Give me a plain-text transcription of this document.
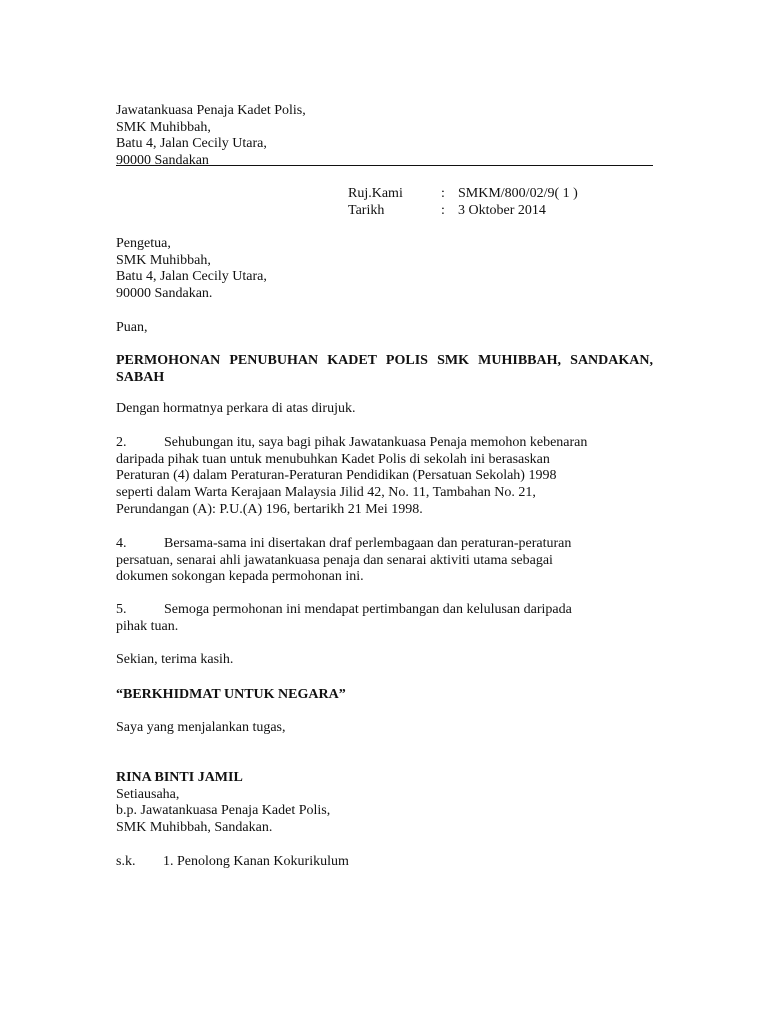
Jawatankuasa Penaja Kadet Polis,
SMK Muhibbah,
Batu 4, Jalan Cecily Utara,
90000 Sandakan
Ruj.Kami	: SMKM/800/02/9( 1 )
Tarikh	: 3 Oktober 2014
Pengetua,
SMK Muhibbah,
Batu 4, Jalan Cecily Utara,
90000 Sandakan.
Puan,
PERMOHONAN PENUBUHAN KADET POLIS SMK MUHIBBAH, SANDAKAN,
SABAH
Dengan hormatnya perkara di atas dirujuk.
2.	Sehubungan itu, saya bagi pihak Jawatankuasa Penaja memohon kebenaran
daripada pihak tuan untuk menubuhkan Kadet Polis di sekolah ini berasaskan
Peraturan (4) dalam Peraturan-Peraturan Pendidikan (Persatuan Sekolah) 1998
seperti dalam Warta Kerajaan Malaysia Jilid 42, No. 11, Tambahan No. 21,
Perundangan (A): P.U.(A) 196, bertarikh 21 Mei 1998.
4.	Bersama-sama ini disertakan draf perlembagaan dan peraturan-peraturan
persatuan, senarai ahli jawatankuasa penaja dan senarai aktiviti utama sebagai
dokumen sokongan kepada permohonan ini.
5.	Semoga permohonan ini mendapat pertimbangan dan kelulusan daripada
pihak tuan.
Sekian, terima kasih.
“BERKHIDMAT UNTUK NEGARA”
Saya yang menjalankan tugas,
RINA BINTI JAMIL
Setiausaha,
b.p. Jawatankuasa Penaja Kadet Polis,
SMK Muhibbah, Sandakan.
s.k. 1. Penolong Kanan Kokurikulum
